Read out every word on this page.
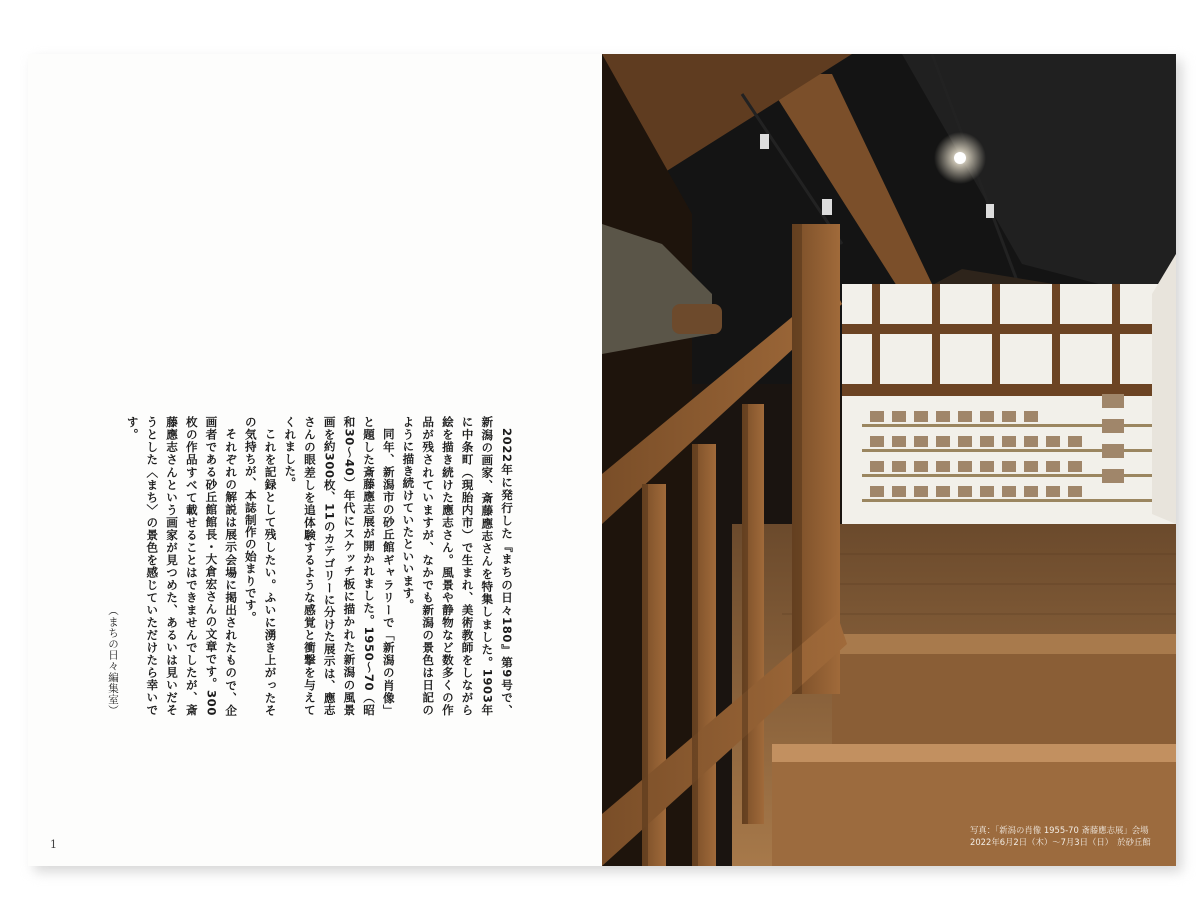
2022年に発行した『まちの日々180』第9号で、新潟の画家、斎藤應志さんを特集しました。1903年に中条町（現胎内市）で生まれ、美術教師をしながら絵を描き続けた應志さん。風景や静物など数多くの作品が残されていますが、なかでも新潟の景色は日記のように描き続けていたといいます。

同年、新潟市の砂丘館ギャラリーで「新潟の肖像」と題した斎藤應志展が開かれました。1950～70（昭和30～40）年代にスケッチ板に描かれた新潟の風景画を約300枚、11のカテゴリーに分けた展示は、應志さんの眼差しを追体験するような感覚と衝撃を与えてくれました。

これを記録として残したい。ふいに湧き上がったその気持ちが、本誌制作の始まりです。

それぞれの解説は展示会場に掲出されたもので、企画者である砂丘館館長・大倉宏さんの文章です。300枚の作品すべて載せることはできませんでしたが、斎藤應志さんという画家が見つめた、あるいは見いだそうとした〈まち〉の景色を感じていただけたら幸いです。

（まちの日々編集室）

1
写真：「新潟の肖像 1955-70 斎藤應志展」会場
2022年6月2日（木）～7月3日（日）　於砂丘館
